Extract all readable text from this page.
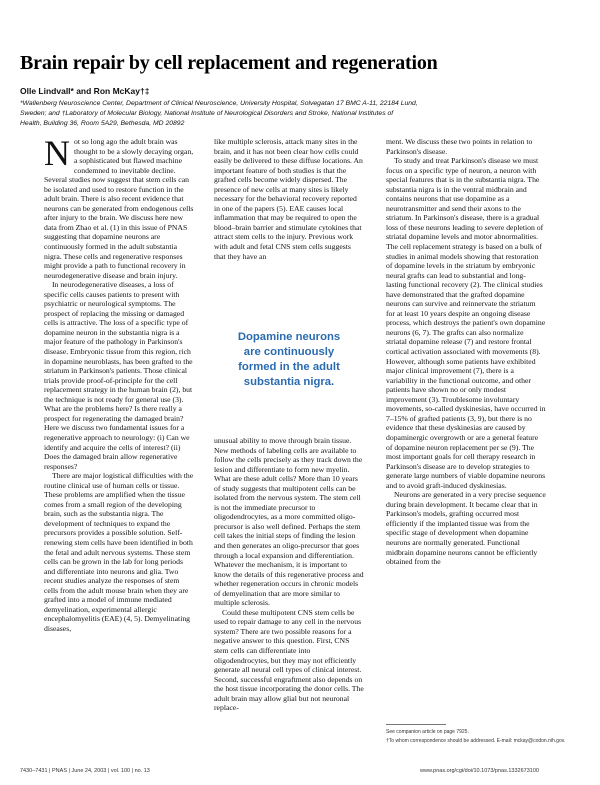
Brain repair by cell replacement and regeneration
Olle Lindvall* and Ron McKay†‡
*Wallenberg Neuroscience Center, Department of Clinical Neuroscience, University Hospital, Solvegatan 17 BMC A-11, 22184 Lund,
Sweden; and †Laboratory of Molecular Biology, National Institute of Neurological Disorders and Stroke, National Institutes of
Health, Building 36, Room 5A29, Bethesda, MD 20892

Not so long ago the adult brain was thought to be a slowly decaying organ, a sophisticated but flawed machine condemned to inevitable decline. Several studies now suggest that stem cells can be isolated and used to restore function in the adult brain. There is also recent evidence that neurons can be generated from endogenous cells after injury to the brain. We discuss here new data from Zhao et al. (1) in this issue of PNAS suggesting that dopamine neurons are continuously formed in the adult substantia nigra. These cells and regenerative responses might provide a path to functional recovery in neurodegenerative disease and brain injury.

In neurodegenerative diseases, a loss of specific cells causes patients to present with psychiatric or neurological symptoms. The prospect of replacing the missing or damaged cells is attractive. The loss of a specific type of dopamine neuron in the substantia nigra is a major feature of the pathology in Parkinson's disease. Embryonic tissue from this region, rich in dopamine neuroblasts, has been grafted to the striatum in Parkinson's patients. Those clinical trials provide proof-of-principle for the cell replacement strategy in the human brain (2), but the technique is not ready for general use (3). What are the problems here? Is there really a prospect for regenerating the damaged brain? Here we discuss two fundamental issues for a regenerative approach to neurology: (i) Can we identify and acquire the cells of interest? (ii) Does the damaged brain allow regenerative responses?

There are major logistical difficulties with the routine clinical use of human cells or tissue. These problems are amplified when the tissue comes from a small region of the developing brain, such as the substantia nigra. The development of techniques to expand the precursors provides a possible solution. Self-renewing stem cells have been identified in both the fetal and adult nervous systems. These stem cells can be grown in the lab for long periods and differentiate into neurons and glia. Two recent studies analyze the responses of stem cells from the adult mouse brain when they are grafted into a model of immune mediated demyelination, experimental allergic encephalomyelitis (EAE) (4, 5). Demyelinating diseases,

like multiple sclerosis, attack many sites in the brain, and it has not been clear how cells could easily be delivered to these diffuse locations. An important feature of both studies is that the grafted cells become widely dispersed. The presence of new cells at many sites is likely necessary for the behavioral recovery reported in one of the papers (5). EAE causes local inflammation that may be required to open the blood–brain barrier and stimulate cytokines that attract stem cells to the injury. Previous work with adult and fetal CNS stem cells suggests that they have an

Dopamine neurons
are continuously
formed in the adult
substantia nigra.

unusual ability to move through brain tissue. New methods of labeling cells are available to follow the cells precisely as they track down the lesion and differentiate to form new myelin. What are these adult cells? More than 10 years of study suggests that multipotent cells can be isolated from the nervous system. The stem cell is not the immediate precursor to oligodendrocytes, as a more committed oligo-precursor is also well defined. Perhaps the stem cell takes the initial steps of finding the lesion and then generates an oligo-precursor that goes through a local expansion and differentiation. Whatever the mechanism, it is important to know the details of this regenerative process and whether regeneration occurs in chronic models of demyelination that are more similar to multiple sclerosis.

Could these multipotent CNS stem cells be used to repair damage to any cell in the nervous system? There are two possible reasons for a negative answer to this question. First, CNS stem cells can differentiate into oligodendrocytes, but they may not efficiently generate all neural cell types of clinical interest. Second, successful engraftment also depends on the host tissue incorporating the donor cells. The adult brain may allow glial but not neuronal replace-

ment. We discuss these two points in relation to Parkinson's disease.

To study and treat Parkinson's disease we must focus on a specific type of neuron, a neuron with special features that is in the substantia nigra. The substantia nigra is in the ventral midbrain and contains neurons that use dopamine as a neurotransmitter and send their axons to the striatum. In Parkinson's disease, there is a gradual loss of these neurons leading to severe depletion of striatal dopamine levels and motor abnormalities. The cell replacement strategy is based on a bulk of studies in animal models showing that restoration of dopamine levels in the striatum by embryonic neural grafts can lead to substantial and long-lasting functional recovery (2). The clinical studies have demonstrated that the grafted dopamine neurons can survive and reinnervate the striatum for at least 10 years despite an ongoing disease process, which destroys the patient's own dopamine neurons (6, 7). The grafts can also normalize striatal dopamine release (7) and restore frontal cortical activation associated with movements (8). However, although some patients have exhibited major clinical improvement (7), there is a variability in the functional outcome, and other patients have shown no or only modest improvement (3). Troublesome involuntary movements, so-called dyskinesias, have occurred in 7–15% of grafted patients (3, 9), but there is no evidence that these dyskinesias are caused by dopaminergic overgrowth or are a general feature of dopamine neuron replacement per se (9). The most important goals for cell therapy research in Parkinson's disease are to develop strategies to generate large numbers of viable dopamine neurons and to avoid graft-induced dyskinesias.

Neurons are generated in a very precise sequence during brain development. It became clear that in Parkinson's models, grafting occurred most efficiently if the implanted tissue was from the specific stage of development when dopamine neurons are normally generated. Functional midbrain dopamine neurons cannot be efficiently obtained from the

See companion article on page 7925.
†To whom correspondence should be addressed. E-mail: mckay@codon.nih.gov.
7430–7431 | PNAS | June 24, 2003 | vol. 100 | no. 13	www.pnas.org/cgi/doi/10.1073/pnas.1332673100
